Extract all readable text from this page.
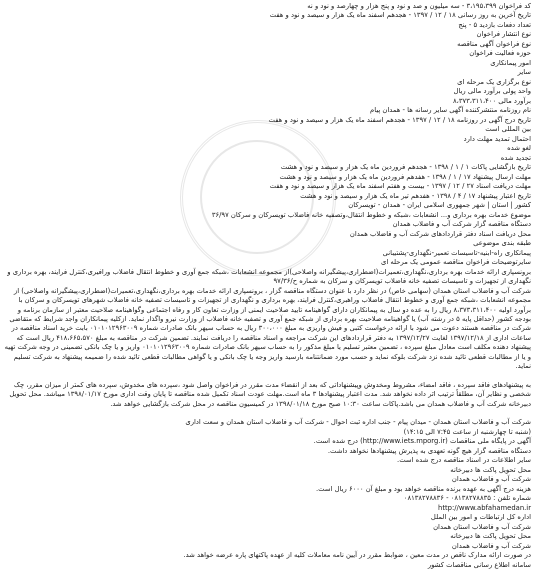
کد فراخوان ۳،۱۹۵،۳۹۹ - سه میلیون و صد و نود و پنج هزار و چهارصد و نود و نه
تاریخ آخرین به روز رسانی ۱۸ / ۱۲ / ۱۳۹۷ - هجدهم اسفند ماه یک هزار و سیصد و نود و هفت
تعداد دفعات بازدید ۵ - پنج
نوع انتشار فراخوان
نوع فراخوان آگهی مناقصه
حوزه فعالیت فراخوان
امور پیمانکاری
سایر
نوع برگزاری یک مرحله ای
واحد پولی برآورد مالی ریال
برآورد مالی ۸،۳۷۳،۳۱۱،۴۰۰
نام روزنامه منتشرکننده آگهی سایر رسانه ها - همدان پیام
تاریخ درج آگهی در روزنامه ۱۸ / ۱۲ / ۱۳۹۷ - هجدهم اسفند ماه یک هزار و سیصد و نود و هفت
بین المللی است
احتمال تمدید مهلت دارد
لغو شده
تجدید شده
تاریخ بازگشایی پاکات ۱ / ۱ / ۱۳۹۸ - هجدهم فروردین ماه یک هزار و سیصد و نود و هشت
مهلت ارسال پیشنهاد ۱۷ / ۱ / ۱۳۹۸ - هفدهم فروردین ماه یک هزار و سیصد و نود و هشت
مهلت دریافت اسناد ۲۷ / ۱۲ / ۱۳۹۷ - بیست و هفتم اسفند ماه یک هزار و سیصد و نود و هفت
تاریخ اعتبار پیشنهاد ۱۷ / ۴ / ۱۳۹۸ - هفدهم تیر ماه یک هزار و سیصد و نود و هشت
کشور | استان | شهر جمهوری اسلامی ایران - همدان - تویسرکان
موضوع خدمات بهره برداری و... انشعابات ،شبکه و خطوط انتقال،وتصفیه خانه فاضلاب تویسرکان و سرکان ۳۶/۹۷
دستگاه مناقصه گزار شرکت آب و فاضلاب همدان
محل دریافت اسناد دفتر قراردادهای شرکت آب و فاضلاب همدان
طبقه بندی موضوعی
پیمانکاری راه-ابنیه-تاسیسات تعمیر-نگهداری-پشتیبانی
سایرتوضیحات فراخوان مناقصه عمومی یک مرحله ای
برونسپاری ارائه خدمات بهره برداری،نگهداری،تعمیرات(اضطراری،پیشگیرانه واصلاحی)از مجموعه انشعابات ،شبکه جمع آوری و خطوط انتقال فاضلاب ورافیری،کنترل فرایند، بهره برداری و نگهداری از تجهیزات و تاسیسات تصفیه خانه فاضلاب تویسرکان و سرکان به شماره ح/۹۷/۳۶

شرکت آب و فاضلاب استان همدان (سهامی خاص) در نظر دارد با عنوان دستگاه مناقصه گزار ، برونسپاری ارائه خدمات بهره برداری،نگهداری،تعمیرات(اضطراری،پیشگیرانه واصلاحی) از مجموعه انشعابات ،شبکه جمع آوری و خطوط انتقال فاضلاب وراهبری،کنترل فرایند، بهره برداری و نگهداری از تجهیزات و تاسیسات تصفیه خانه فاضلاب شهرهای تویسرکان و سرکان با برآورد اولیه ۸،۳۷۳،۳۱۱،۴۰۰ ریال را به عده دو سال به پیمانکاران دارای گواهینامه تایید صلاحیت ایمنی از وزارت تعاون کار و رفاه اجتماعی وگواهینامه صلاحیت معتبر از سازمان برنامه و بودجه کشور (حداقل پایه ۵ در رشته آب) یا گواهینامه صلاحیت بهره برداری از شبکه جمع آوری و تصفیه خانه فاضلاب از وزارت نیرو واگذار نماید. ازکلیه پیمانکاران واجد شرایط که متقاضی شرکت در مناقصه هستند دعوت می شود با ارائه درخواست کتبی و فیش واریزی به مبلغ ۳۰۰،۰۰۰ ریال به حساب سیهر بانک صادرات شماره ۰۱۰۱۰۱۲۹۶۳۰۰۹ بابت خرید اسناد مناقصه در ساعات اداری از ۱۳۹۷/۱۲/۱۸ لغایت ۱۳۹۷/۱۲/۲۷ به دفتر قراردادهای این شرکت مراجعه و اسناد مناقصه را دریافت نمایند. تضمین شرکت در مناقصه به مبلغ ۴۱۸،۶۶۵،۵۷۰ ریال است که پیشنهاد دهنده مکلف است معادل مبلغ سپرده ، تضمین معتبر تسلیم یا مبلغ مذکور را به حساب سیهر بانک صادرات شماره ۰۱۰۱۰۱۲۹۶۳۰۰۹ واریز و یا چک بانکی تضمینی در وجه شرکت تهیه و یا از مطالبات قطعی تائید شده نزد شرکت بلوکه نماید و حسب مورد ضمانتنامه بارسید واریز وجه یا چک بانکی و یا گواهی مطالبات قطعی تائید شده را ضمیمه پیشنهاد به شرکت تسلیم نماید.

به پیشنهادهای فاقد سپرده ، فاقد امضاء، مشروط ومخدوش وپیشنهاداتی که بعد از انقضاء مدت مقرر در فراخوان واصل شود ،سپرده های مخدوش، سپرده های کمتر از میزان مقرر، چک شخصی و نظایر آن، مطلقاً ترتیب اثر داده نخواهد شد. مدت اعتبار پیشنهادها ۳ ماه است.مهلت عودت اسناد تکمیل شده مناقصه تا پایان وقت اداری مورخ ۱۳۹۸/۰۱/۱۷ میباشد. محل تحویل دبیرخانه شرکت آب و فاضلاب همدان می باشد.پاکات ساعت ۱۰:۳۰ صبح مورخ ۱۳۹۸/۰۱/۱۸ در کمیسیون مناقصه در محل شرکت بازگشایی خواهد شد.

شرکت آب و فاضلاب استان همدان - میدان پیام - جنب اداره ثبت احوال - شرکت آب و فاضلاب استان همدان و سعت اداری
(شنبه تا چهارشنبه از ساعت ۷:۴۵ الی ۱۴:۱۵)
آگهی در پایگاه ملی مناقصات (http://www.iets.mporg.ir) درج شده است.
دستگاه مناقصه گزار هیچ گونه تعهدی به پذیرش پیشنهادها نخواهد داشت.
سایر اطلاعات در اسناد مناقصه درج شده است.
محل تحویل پاکت ها دبیرخانه
شرکت آب و فاضلاب همدان
هزینه درج آگهی به عهده برنده مناقصه خواهد بود و مبلغ آن ۶۰۰۰ ریال است.
شماره تلفن : ۰۸۱۳۸۲۷۸۸۳۵ - ۰۸۱۳۸۲۷۸۸۳۶
http://www.abfahamedan.ir
اداره کل ارتباطات و امور بین الملل
شرکت آب و فاضلاب استان همدان
محل تحویل پاکت ها دبیرخانه
شرکت آب و فاضلاب همدان
در صورت ارائه مدارک ناقص در مدت معین ، ضوابط مقرر در آیین نامه معاملات کلیه از عهده پاکتهای پاره عرضه خواهد شد.
سامانه اطلاع رسانی مناقصات کشور
